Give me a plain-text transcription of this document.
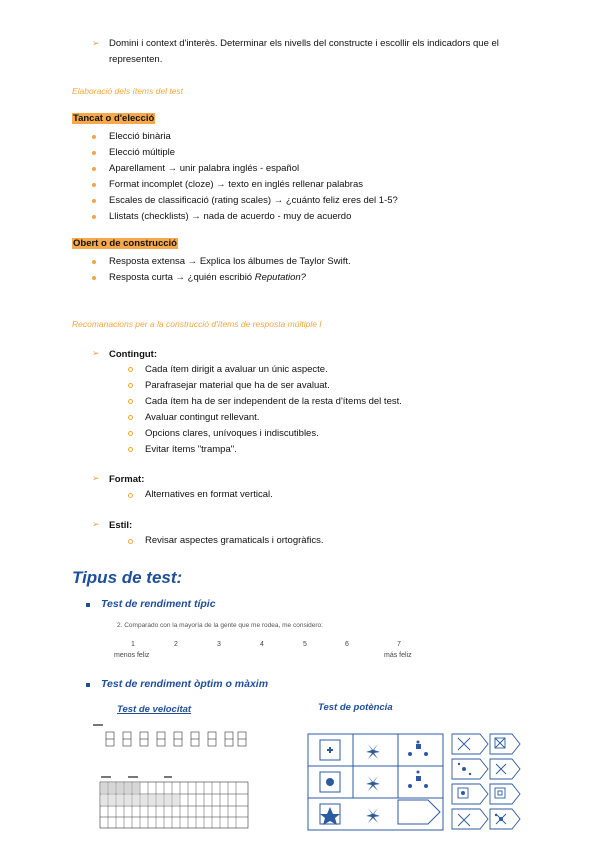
➢ Domini i context d'interès. Determinar els nivells del constructe i escollir els indicadors que el
representen.
Elaboració dels ítems del test
Tancat o d'elecció
Elecció binària
Elecció múltiple
Aparellament → unir palabra inglés - español
Format incomplet (cloze) → texto en inglés rellenar palabras
Escales de classificació (rating scales) → ¿cuánto feliz eres del 1-5?
Llistats (checklists) → nada de acuerdo - muy de acuerdo
Obert o de construcció
Resposta extensa → Explica los álbumes de Taylor Swift.
Resposta curta → ¿quién escribió Reputation?
Recomanacions per a la construcció d'ítems de resposta múltiple I
➢ Contingut:
Cada ítem dirigit a avaluar un únic aspecte.
Parafrasejar material que ha de ser avaluat.
Cada ítem ha de ser independent de la resta d'ítems del test.
Avaluar contingut rellevant.
Opcions clares, unívoques i indiscutibles.
Evitar ítems "trampa".
➢ Format:
Alternatives en format vertical.
➢ Estil:
Revisar aspectes gramaticals i ortogràfics.
Tipus de test:
Test de rendiment típic
2. Comparado con la mayoría de la gente que me rodea, me considero:
1	2	3	4	5	6	7
menos feliz	más feliz
Test de rendiment òptim o màxim
Test de velocitat	Test de potència
